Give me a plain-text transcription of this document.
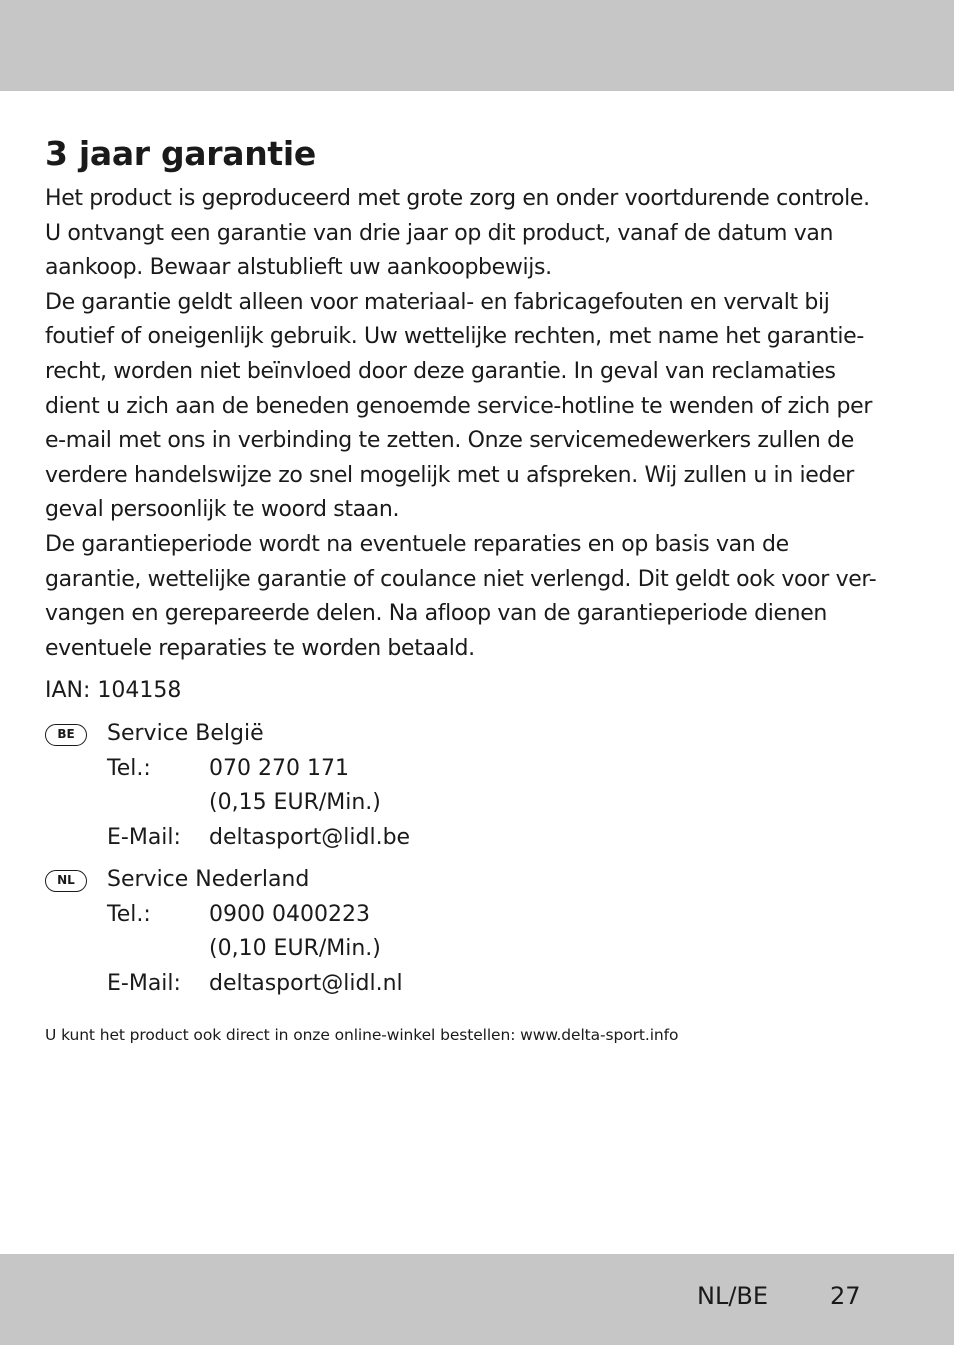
3 jaar garantie

Het product is geproduceerd met grote zorg en onder voortdurende controle.
U ontvangt een garantie van drie jaar op dit product, vanaf de datum van
aankoop. Bewaar alstublieft uw aankoopbewijs.

De garantie geldt alleen voor materiaal- en fabricagefouten en vervalt bij
foutief of oneigenlijk gebruik. Uw wettelijke rechten, met name het garantie-
recht, worden niet beïnvloed door deze garantie. In geval van reclamaties
dient u zich aan de beneden genoemde service-hotline te wenden of zich per
e-mail met ons in verbinding te zetten. Onze servicemedewerkers zullen de
verdere handelswijze zo snel mogelijk met u afspreken. Wij zullen u in ieder
geval persoonlijk te woord staan.

De garantieperiode wordt na eventuele reparaties en op basis van de
garantie, wettelijke garantie of coulance niet verlengd. Dit geldt ook voor ver-
vangen en gerepareerde delen. Na afloop van de garantieperiode dienen
eventuele reparaties te worden betaald.

IAN: 104158

BE	Service België
Tel.:	070 270 171
(0,15 EUR/Min.)
E-Mail:	deltasport@lidl.be
NL	Service Nederland
Tel.:	0900 0400223
(0,10 EUR/Min.)
E-Mail:	deltasport@lidl.nl
U kunt het product ook direct in onze online-winkel bestellen: www.delta-sport.info
NL/BE	27
